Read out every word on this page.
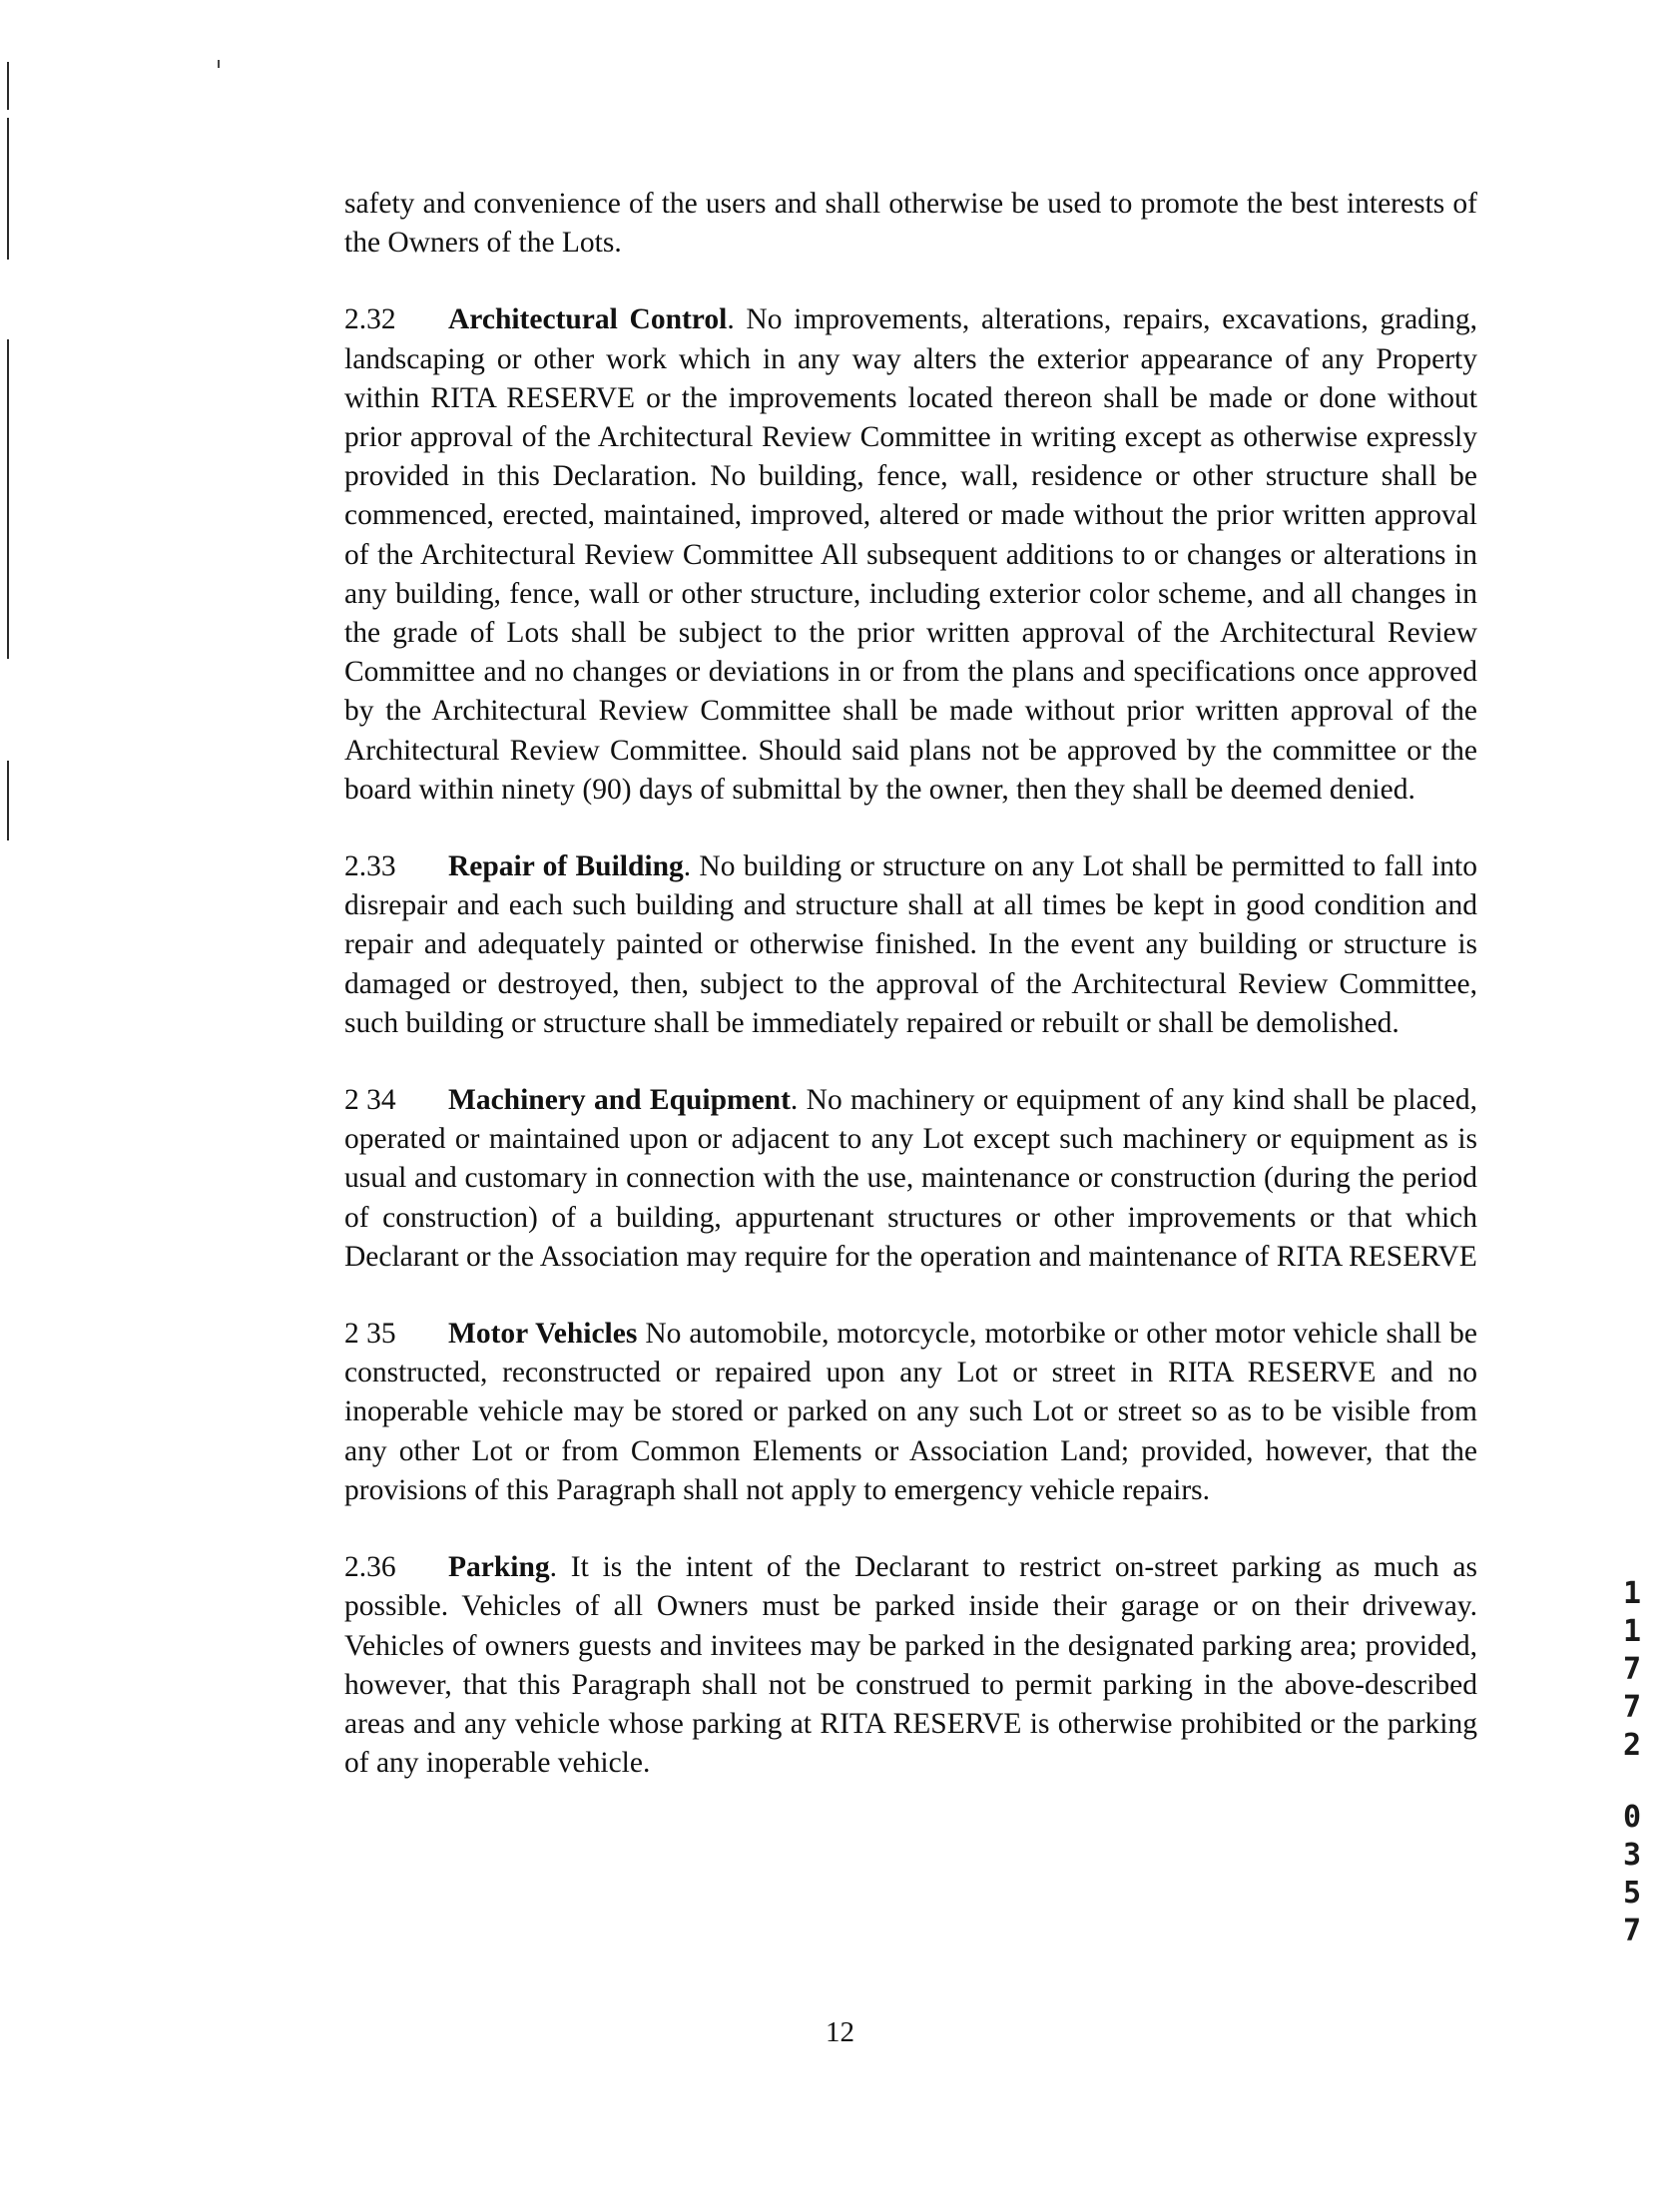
safety and convenience of the users and shall otherwise be used to promote the best interests of the Owners of the Lots.

2.32 Architectural Control. No improvements, alterations, repairs, excavations, grading, landscaping or other work which in any way alters the exterior appearance of any Property within RITA RESERVE or the improvements located thereon shall be made or done without prior approval of the Architectural Review Committee in writing except as otherwise expressly provided in this Declaration. No building, fence, wall, residence or other structure shall be commenced, erected, maintained, improved, altered or made without the prior written approval of the Architectural Review Committee All subsequent additions to or changes or alterations in any building, fence, wall or other structure, including exterior color scheme, and all changes in the grade of Lots shall be subject to the prior written approval of the Architectural Review Committee and no changes or deviations in or from the plans and specifications once approved by the Architectural Review Committee shall be made without prior written approval of the Architectural Review Committee. Should said plans not be approved by the committee or the board within ninety (90) days of submittal by the owner, then they shall be deemed denied.

2.33 Repair of Building. No building or structure on any Lot shall be permitted to fall into disrepair and each such building and structure shall at all times be kept in good condition and repair and adequately painted or otherwise finished. In the event any building or structure is damaged or destroyed, then, subject to the approval of the Architectural Review Committee, such building or structure shall be immediately repaired or rebuilt or shall be demolished.

2 34 Machinery and Equipment. No machinery or equipment of any kind shall be placed, operated or maintained upon or adjacent to any Lot except such machinery or equipment as is usual and customary in connection with the use, maintenance or construction (during the period of construction) of a building, appurtenant structures or other improvements or that which Declarant or the Association may require for the operation and maintenance of RITA RESERVE

2 35 Motor Vehicles No automobile, motorcycle, motorbike or other motor vehicle shall be constructed, reconstructed or repaired upon any Lot or street in RITA RESERVE and no inoperable vehicle may be stored or parked on any such Lot or street so as to be visible from any other Lot or from Common Elements or Association Land; provided, however, that the provisions of this Paragraph shall not apply to emergency vehicle repairs.

2.36 Parking. It is the intent of the Declarant to restrict on-street parking as much as possible. Vehicles of all Owners must be parked inside their garage or on their driveway. Vehicles of owners guests and invitees may be parked in the designated parking area; provided, however, that this Paragraph shall not be construed to permit parking in the above-described areas and any vehicle whose parking at RITA RESERVE is otherwise prohibited or the parking of any inoperable vehicle.

1
1
7
7
2
0
3
5
7
12
